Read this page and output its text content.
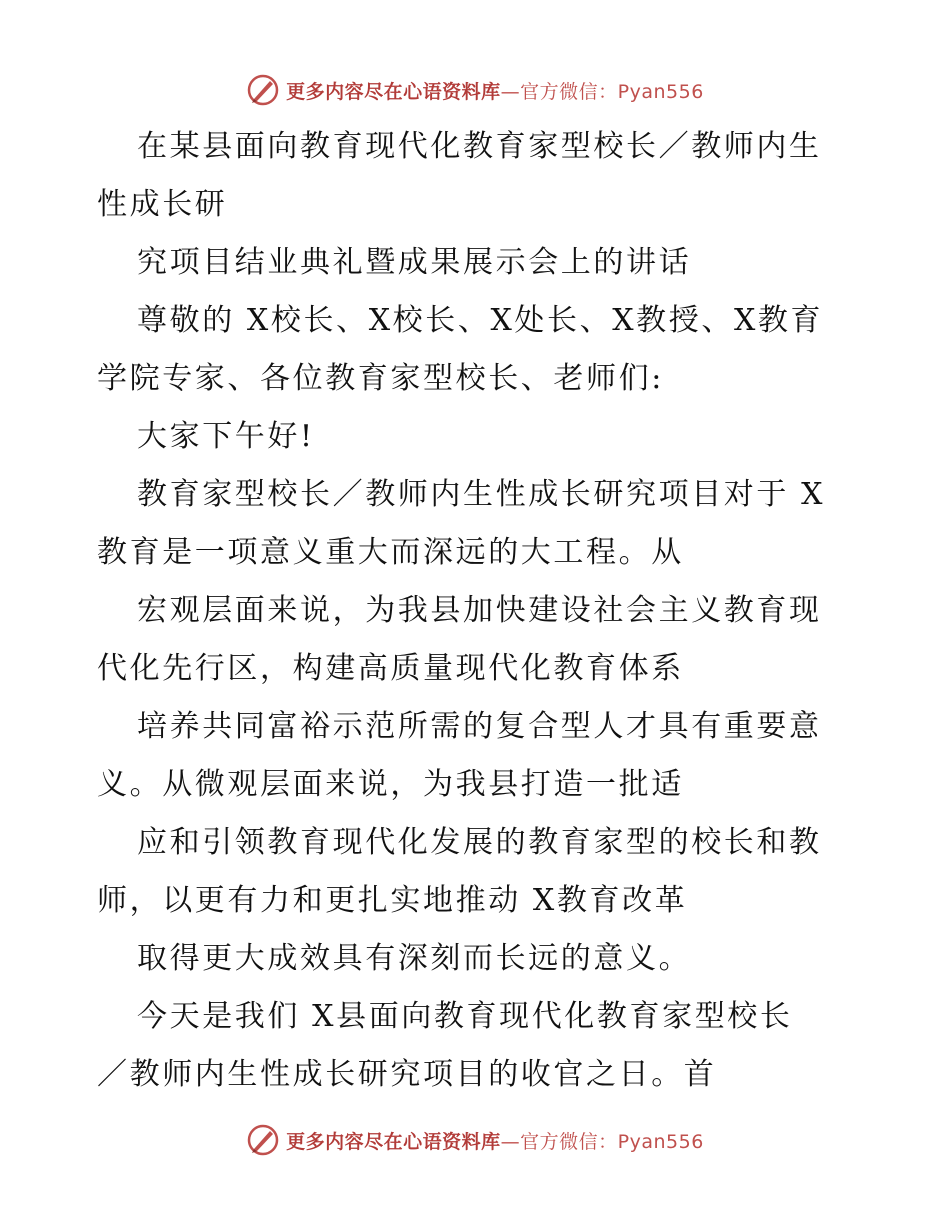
更多内容尽在心语资料库—官方微信：Pyan556
在某县面向教育现代化教育家型校长／教师内生
性成长研
究项目结业典礼暨成果展示会上的讲话
尊敬的 X校长、X校长、X处长、X教授、X教育
学院专家、各位教育家型校长、老师们:
大家下午好!
教育家型校长／教师内生性成长研究项目对于 X
教育是一项意义重大而深远的大工程。从
宏观层面来说，为我县加快建设社会主义教育现
代化先行区，构建高质量现代化教育体系
培养共同富裕示范所需的复合型人才具有重要意
义。从微观层面来说，为我县打造一批适
应和引领教育现代化发展的教育家型的校长和教
师，以更有力和更扎实地推动 X教育改革
取得更大成效具有深刻而长远的意义。
今天是我们 X县面向教育现代化教育家型校长
／教师内生性成长研究项目的收官之日。首
更多内容尽在心语资料库—官方微信：Pyan556
